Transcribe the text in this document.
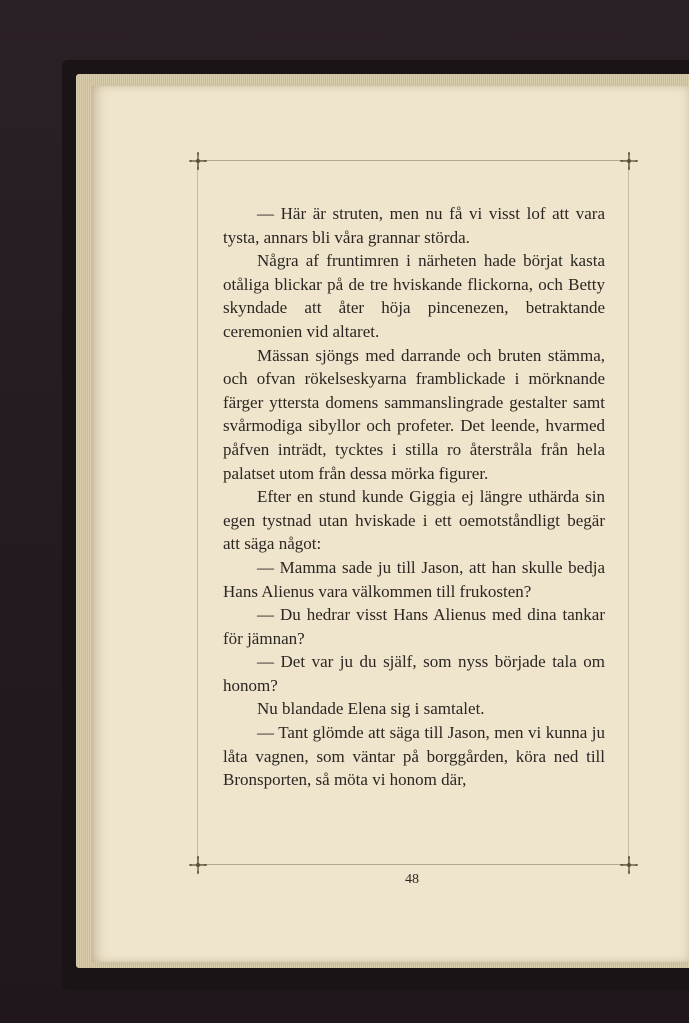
— Här är struten, men nu få vi visst lof att vara tysta, annars bli våra grannar störda.

Några af fruntimren i närheten hade börjat kasta otåliga blickar på de tre hviskande flickorna, och Betty skyndade att åter höja pincenezen, betraktande ceremonien vid altaret.

Mässan sjöngs med darrande och bruten stämma, och ofvan rökelseskyarna framblickade i mörknande färger yttersta domens sammanslingrade gestalter samt svårmodiga sibyllor och profeter. Det leende, hvarmed påfven inträdt, tycktes i stilla ro återstråla från hela palatset utom från dessa mörka figurer.

Efter en stund kunde Giggia ej längre uthärda sin egen tystnad utan hviskade i ett oemotståndligt begär att säga något:

— Mamma sade ju till Jason, att han skulle bedja Hans Alienus vara välkommen till frukosten?

— Du hedrar visst Hans Alienus med dina tankar för jämnan?

— Det var ju du själf, som nyss började tala om honom?

Nu blandade Elena sig i samtalet.

— Tant glömde att säga till Jason, men vi kunna ju låta vagnen, som väntar på borggården, köra ned till Bronsporten, så möta vi honom där,

48
